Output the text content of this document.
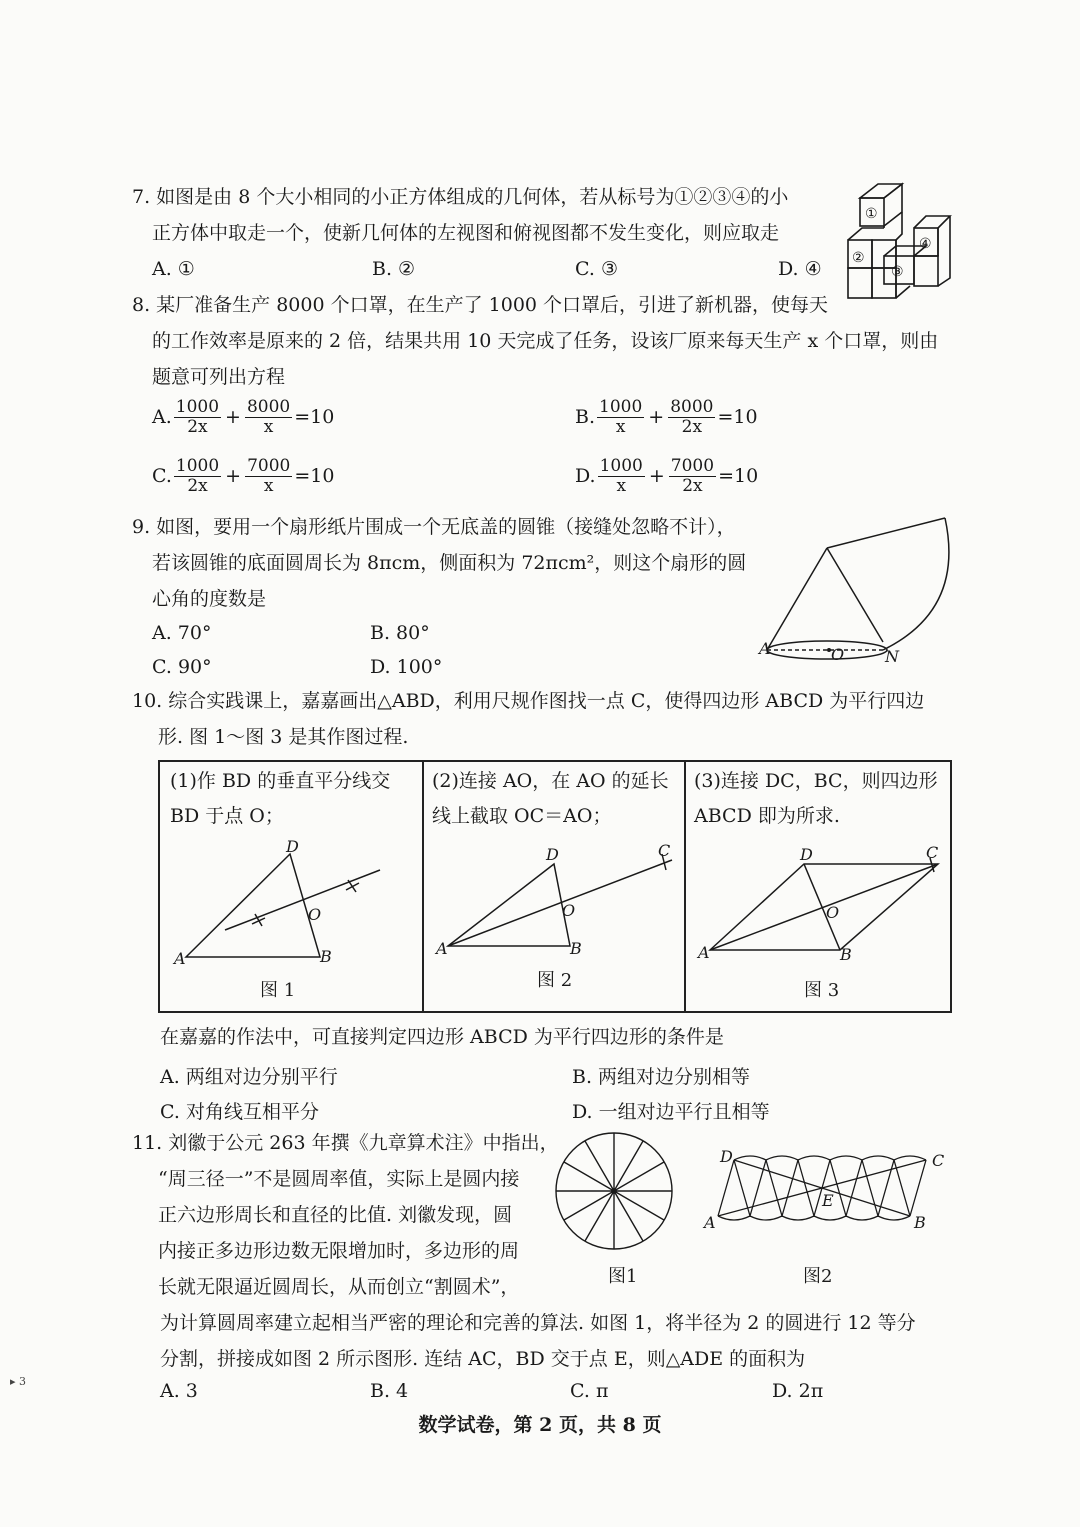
7. 如图是由 8 个大小相同的小正方体组成的几何体，若从标号为①②③④的小
正方体中取走一个，使新几何体的左视图和俯视图都不发生变化，则应取走
A. ①	B. ②	C. ③	D. ④
①
②
③
④
8. 某厂准备生产 8000 个口罩，在生产了 1000 个口罩后，引进了新机器，使每天
的工作效率是原来的 2 倍，结果共用 10 天完成了任务，设该厂原来每天生产 x 个口罩，则由
题意可列出方程
A. $\frac{1000}{2x} + \frac{8000}{x} =10$	B. $\frac{1000}{x} + \frac{8000}{2x} =10$
C. $\frac{1000}{2x} + \frac{7000}{x} =10$	D. $\frac{1000}{x} + \frac{7000}{2x} =10$
9. 如图，要用一个扇形纸片围成一个无底盖的圆锥（接缝处忽略不计），
若该圆锥的底面圆周长为 8πcm，侧面积为 72πcm²，则这个扇形的圆
心角的度数是
A. 70°	B. 80°
C. 90°	D. 100°
A	O	N
10. 综合实践课上，嘉嘉画出△ABD，利用尺规作图找一点 C，使得四边形 ABCD 为平行四边
形. 图 1～图 3 是其作图过程.
(1)作 BD 的垂直平分线交 BD 于点 O；
A
D
B
O
图 1
(2)连接 AO，在 AO 的延长线上截取 OC＝AO；
A
D
B
O
C
图 2
(3)连接 DC，BC，则四边形 ABCD 即为所求.
A
D
B
O
C
图 3
在嘉嘉的作法中，可直接判定四边形 ABCD 为平行四边形的条件是
A. 两组对边分别平行	B. 两组对边分别相等
C. 对角线互相平分	D. 一组对边平行且相等
11. 刘徽于公元 263 年撰《九章算术注》中指出，
“周三径一”不是圆周率值，实际上是圆内接
正六边形周长和直径的比值. 刘徽发现，圆
内接正多边形边数无限增加时，多边形的周
长就无限逼近圆周长，从而创立“割圆术”，
为计算圆周率建立起相当严密的理论和完善的算法. 如图 1，将半径为 2 的圆进行 12 等分
分割，拼接成如图 2 所示图形. 连结 AC，BD 交于点 E，则△ADE 的面积为
图1
D	C
A	B
E
图2
A. 3	B. 4	C. π	D. 2π
▸ 3
数学试卷，第 2 页，共 8 页
